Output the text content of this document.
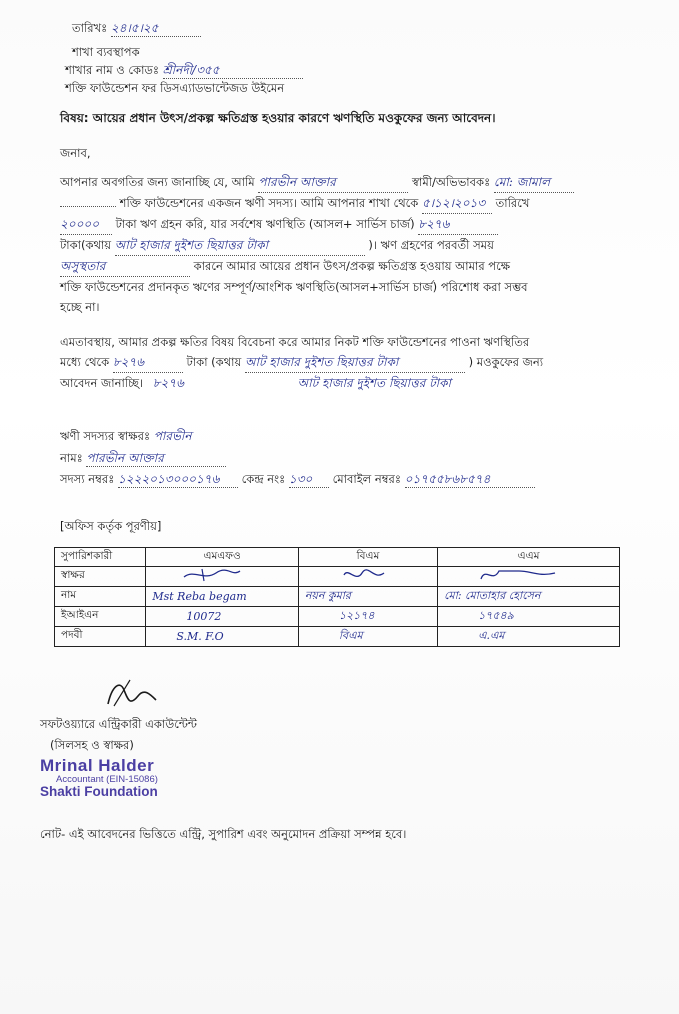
তারিখঃ ২৪।৫।২৫
শাখা ব্যবস্থাপক
শাখার নাম ও কোডঃ শ্রীনদী/৩৫৫
শক্তি ফাউন্ডেশন ফর ডিসএ্যাডভান্টেজড উইমেন
বিষয়: আয়ের প্রধান উৎস/প্রকল্প ক্ষতিগ্রস্ত হওয়ার কারণে ঋণস্থিতি মওকুফের জন্য আবেদন।
জনাব,
আপনার অবগতির জন্য জানাচ্ছি যে, আমি পারভীন আক্তার	স্বামী/অভিভাবকঃ মো: জামাল
শক্তি ফাউন্ডেশনের একজন ঋণী সদস্য। আমি আপনার শাখা থেকে ৫।১২।২০১৩ তারিখে
২০০০০ টাকা ঋণ গ্রহন করি, যার সর্বশেষ ঋণস্থিতি (আসল+ সার্ভিস চার্জ) ৮২৭৬
টাকা(কথায় আট হাজার দুইশত ছিয়াত্তর টাকা	)। ঋণ গ্রহণের পরবর্তী সময়
অসুস্থতার	কারনে আমার আয়ের প্রধান উৎস/প্রকল্প ক্ষতিগ্রস্ত হওয়ায় আমার পক্ষে
শক্তি ফাউন্ডেশনের প্রদানকৃত ঋণের সম্পূর্ণ/আংশিক ঋণস্থিতি(আসল+সার্ভিস চার্জ) পরিশোধ করা সম্ভব
হচ্ছে না।
এমতাবস্থায়, আমার প্রকল্প ক্ষতির বিষয় বিবেচনা করে আমার নিকট শক্তি ফাউন্ডেশনের পাওনা ঋণস্থিতির
মধ্যে থেকে ৮২৭৬	টাকা (কথায় আট হাজার দুইশত ছিয়াত্তর টাকা	) মওকুফের জন্য
আবেদন জানাচ্ছি। ৮২৭৬	আট হাজার দুইশত ছিয়াত্তর টাকা
ঋণী সদস্যর স্বাক্ষরঃ পারভীন
নামঃ পারভীন আক্তার
সদস্য নম্বরঃ ১২২২০১৩০০০১৭৬ কেন্দ্র নংঃ ১৩০ মোবাইল নম্বরঃ ০১৭৫৫৮৬৮৫৭৪
[অফিস কর্তৃক পূরণীয়]
সুপারিশকারী	এমএফও	বিএম	এএম
স্বাক্ষর			
নাম	Mst Reba begam	নয়ন কুমার	মো: মোতাহার হোসেন
ইআইএন	10072	১২১৭৪	১৭৫৪৯
পদবী	S.M. F.O	বিএম	এ.এম
সফটওয়্যারে এন্ট্রিকারী একাউন্টেন্ট
(সিলসহ ও স্বাক্ষর)
Mrinal Halder
Accountant (EIN-15086)
Shakti Foundation
নোট- এই আবেদনের ভিত্তিতে এন্ট্রি, সুপারিশ এবং অনুমোদন প্রক্রিয়া সম্পন্ন হবে।
